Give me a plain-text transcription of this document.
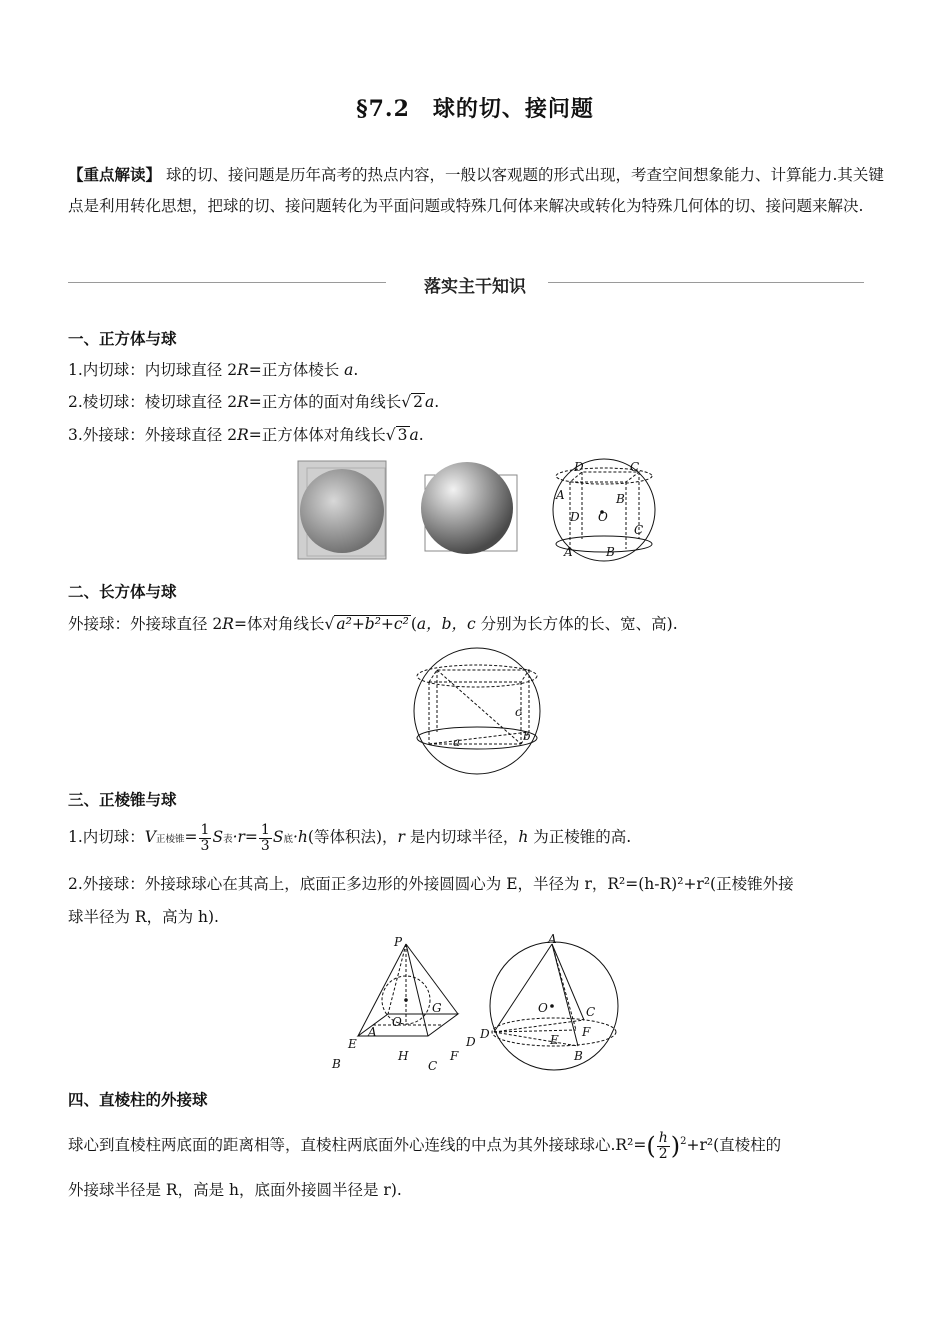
§7.2　球的切、接问题
【重点解读】 球的切、接问题是历年高考的热点内容，一般以客观题的形式出现，考查空间想象能力、计算能力.其关键点是利用转化思想，把球的切、接问题转化为平面问题或特殊几何体来解决或转化为特殊几何体的切、接问题来解决.
落实主干知识
一、正方体与球
1.内切球：内切球直径 2R=正方体棱长 a.
2.棱切球：棱切球直径 2R=正方体的面对角线长√ 2 a.
3.外接球：外接球直径 2R=正方体体对角线长√ 3 a.
D	C
A	B
D O
C
A	B
二、长方体与球
外接球：外接球直径 2R=体对角线长√ a²+b²+c² (a，b，c 分别为长方体的长、宽、高).
c
b
a
三、正棱锥与球
1.内切球：V正棱锥= $\frac{1}{3}$ S表$\cdot r= \frac{1}{3}$ S底·h(等体积法)，r 是内切球半径，h 为正棱锥的高.
2.外接球：外接球球心在其高上，底面正多边形的外接圆圆心为 E，半径为 r，R²=(h-R)²+r²(正棱锥外接
球半径为 R，高为 h).
P
O
G
A
D
E
H	F
B	C
A
O	C
D	F
E
B
四、直棱柱的外接球
球心到直棱柱两底面的距离相等，直棱柱两底面外心连线的中点为其外接球球心$.R^2=( \frac{h}{2} )^2+r^2$(直棱柱的
外接球半径是 R，高是 h，底面外接圆半径是 r).
